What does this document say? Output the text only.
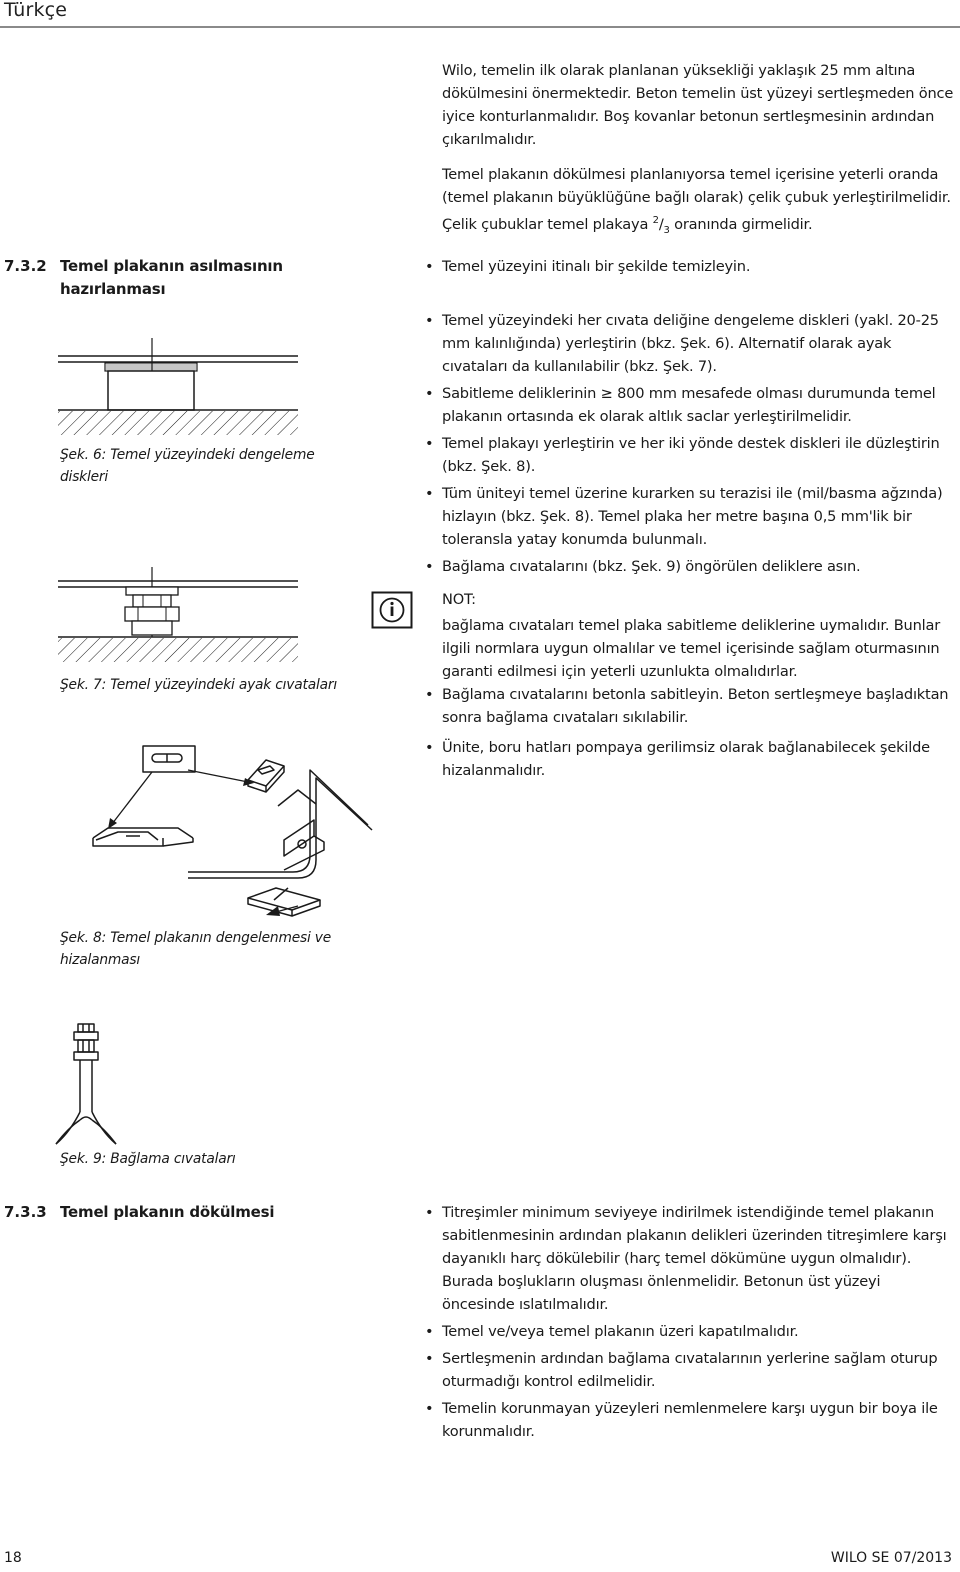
Türkçe

Wilo, temelin ilk olarak planlanan yüksekliği yaklaşık 25 mm altına dökülmesini önermektedir. Beton temelin üst yüzeyi sertleşmeden önce iyice konturlanmalıdır. Boş kovanlar betonun sertleşmesinin ardından çıkarılmalıdır.

Temel plakanın dökülmesi planlanıyorsa temel içerisine yeterli oranda (temel plakanın büyüklüğüne bağlı olarak) çelik çubuk yerleştirilmelidir. Çelik çubuklar temel plakaya $^2/_3$ oranında girmelidir.

7.3.2 Temel plakanın asılmasının
hazırlanması
• Temel yüzeyini itinalı bir şekilde temizleyin.
• Temel yüzeyindeki her cıvata deliğine dengeleme diskleri (yakl. 20-25 mm kalınlığında) yerleştirin (bkz. Şek. 6). Alternatif olarak ayak cıvataları da kullanılabilir (bkz. Şek. 7).
• Sabitleme deliklerinin ≥ 800 mm mesafede olması durumunda temel plakanın ortasında ek olarak altlık saclar yerleştirilmelidir.
• Temel plakayı yerleştirin ve her iki yönde destek diskleri ile düzleştirin (bkz. Şek. 8).
• Tüm üniteyi temel üzerine kurarken su terazisi ile (mil/basma ağzında) hizlayın (bkz. Şek. 8). Temel plaka her metre başına 0,5 mm'lik bir toleransla yatay konumda bulunmalı.
• Bağlama cıvatalarını (bkz. Şek. 9) öngörülen deliklere asın.
NOT:
bağlama cıvataları temel plaka sabitleme deliklerine uymalıdır. Bunlar ilgili normlara uygun olmalılar ve temel içerisinde sağlam oturmasının garanti edilmesi için yeterli uzunlukta olmalıdırlar.
• Bağlama cıvatalarını betonla sabitleyin. Beton sertleşmeye başladıktan sonra bağlama cıvataları sıkılabilir.
• Ünite, boru hatları pompaya gerilimsiz olarak bağlanabilecek şekilde hizalanmalıdır.
Şek. 6: Temel yüzeyindeki dengeleme diskleri
Şek. 7: Temel yüzeyindeki ayak cıvataları
Şek. 8: Temel plakanın dengelenmesi ve hizalanması
Şek. 9: Bağlama cıvataları
7.3.3 Temel plakanın dökülmesi	• Titreşimler minimum seviyeye indirilmek istendiğinde temel plakanın sabitlenmesinin ardından plakanın delikleri üzerinden titreşimlere karşı dayanıklı harç dökülebilir (harç temel dökümüne uygun olmalıdır). Burada boşlukların oluşması önlenmelidir. Betonun üst yüzeyi öncesinde ıslatılmalıdır.
• Temel ve/veya temel plakanın üzeri kapatılmalıdır.
• Sertleşmenin ardından bağlama cıvatalarının yerlerine sağlam oturup oturmadığı kontrol edilmelidir.
• Temelin korunmayan yüzeyleri nemlenmelere karşı uygun bir boya ile korunmalıdır.
18	WILO SE 07/2013
